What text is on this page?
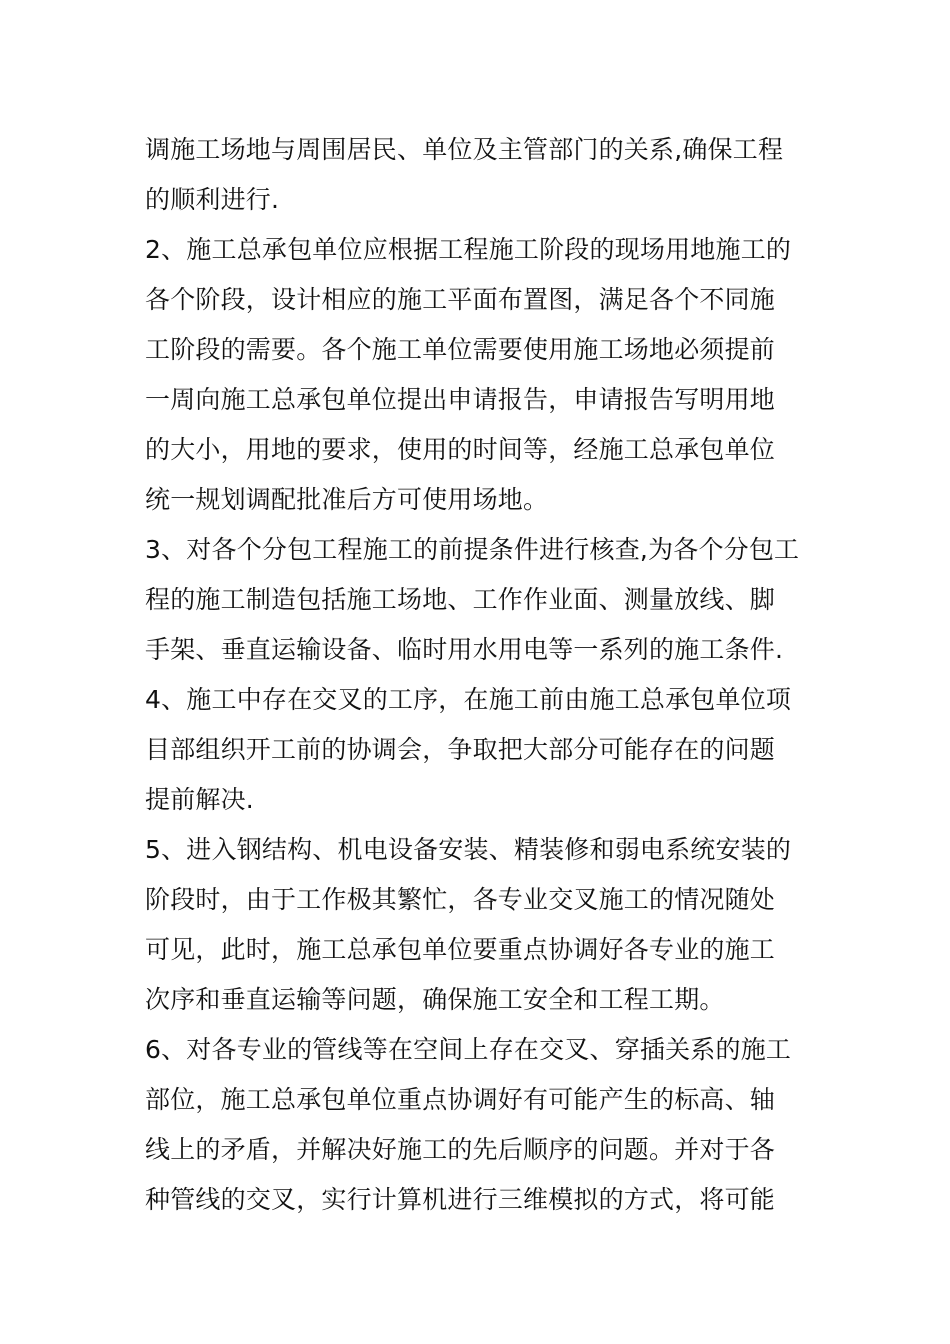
调施工场地与周围居民、单位及主管部门的关系,确保工程
的顺利进行.
2、施工总承包单位应根据工程施工阶段的现场用地施工的
各个阶段，设计相应的施工平面布置图，满足各个不同施
工阶段的需要。各个施工单位需要使用施工场地必须提前
一周向施工总承包单位提出申请报告，申请报告写明用地
的大小，用地的要求，使用的时间等，经施工总承包单位
统一规划调配批准后方可使用场地。
3、对各个分包工程施工的前提条件进行核查,为各个分包工
程的施工制造包括施工场地、工作作业面、测量放线、脚
手架、垂直运输设备、临时用水用电等一系列的施工条件.
4、施工中存在交叉的工序，在施工前由施工总承包单位项
目部组织开工前的协调会，争取把大部分可能存在的问题
提前解决.
5、进入钢结构、机电设备安装、精装修和弱电系统安装的
阶段时，由于工作极其繁忙，各专业交叉施工的情况随处
可见，此时，施工总承包单位要重点协调好各专业的施工
次序和垂直运输等问题，确保施工安全和工程工期。
6、对各专业的管线等在空间上存在交叉、穿插关系的施工
部位，施工总承包单位重点协调好有可能产生的标高、轴
线上的矛盾，并解决好施工的先后顺序的问题。并对于各
种管线的交叉，实行计算机进行三维模拟的方式，将可能
